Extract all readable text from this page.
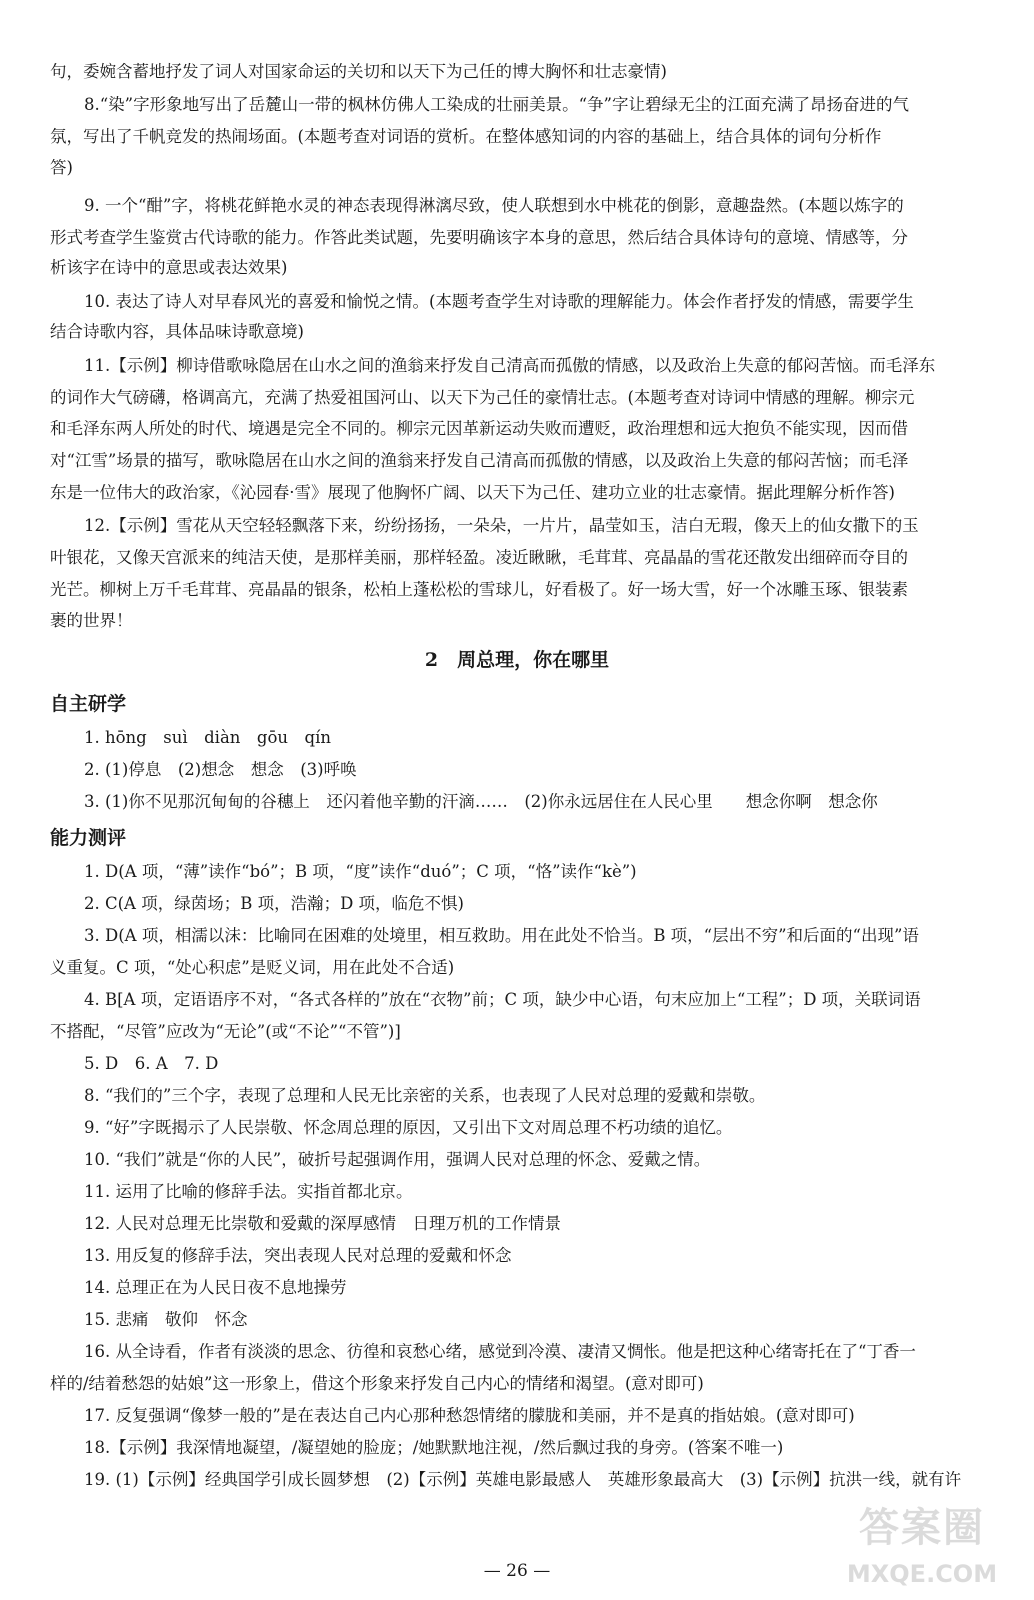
句，委婉含蓄地抒发了词人对国家命运的关切和以天下为己任的博大胸怀和壮志豪情)
8.“染”字形象地写出了岳麓山一带的枫林仿佛人工染成的壮丽美景。“争”字让碧绿无尘的江面充满了昂扬奋进的气
氛，写出了千帆竞发的热闹场面。(本题考查对词语的赏析。在整体感知词的内容的基础上，结合具体的词句分析作
答)
9. 一个“酣”字，将桃花鲜艳水灵的神态表现得淋漓尽致，使人联想到水中桃花的倒影，意趣盎然。(本题以炼字的
形式考查学生鉴赏古代诗歌的能力。作答此类试题，先要明确该字本身的意思，然后结合具体诗句的意境、情感等，分
析该字在诗中的意思或表达效果)
10. 表达了诗人对早春风光的喜爱和愉悦之情。(本题考查学生对诗歌的理解能力。体会作者抒发的情感，需要学生
结合诗歌内容，具体品味诗歌意境)
11.【示例】柳诗借歌咏隐居在山水之间的渔翁来抒发自己清高而孤傲的情感，以及政治上失意的郁闷苦恼。而毛泽东
的词作大气磅礴，格调高亢，充满了热爱祖国河山、以天下为己任的豪情壮志。(本题考查对诗词中情感的理解。柳宗元
和毛泽东两人所处的时代、境遇是完全不同的。柳宗元因革新运动失败而遭贬，政治理想和远大抱负不能实现，因而借
对“江雪”场景的描写，歌咏隐居在山水之间的渔翁来抒发自己清高而孤傲的情感，以及政治上失意的郁闷苦恼；而毛泽
东是一位伟大的政治家，《沁园春·雪》展现了他胸怀广阔、以天下为己任、建功立业的壮志豪情。据此理解分析作答)
12.【示例】雪花从天空轻轻飘落下来，纷纷扬扬，一朵朵，一片片，晶莹如玉，洁白无瑕，像天上的仙女撒下的玉
叶银花，又像天宫派来的纯洁天使，是那样美丽，那样轻盈。凌近瞅瞅，毛茸茸、亮晶晶的雪花还散发出细碎而夺目的
光芒。柳树上万千毛茸茸、亮晶晶的银条，松柏上蓬松松的雪球儿，好看极了。好一场大雪，好一个冰雕玉琢、银装素
裹的世界！
2　周总理，你在哪里
自主研学
1. hōng　suì　diàn　gōu　qín
2. (1)停息　(2)想念　想念　(3)呼唤
3. (1)你不见那沉甸甸的谷穗上　还闪着他辛勤的汗滴……　(2)你永远居住在人民心里　　想念你啊　想念你
能力测评
1. D(A 项，“薄”读作“bó”；B 项，“度”读作“duó”；C 项，“恪”读作“kè”)
2. C(A 项，绿茵场；B 项，浩瀚；D 项，临危不惧)
3. D(A 项，相濡以沫：比喻同在困难的处境里，相互救助。用在此处不恰当。B 项，“层出不穷”和后面的“出现”语
义重复。C 项，“处心积虑”是贬义词，用在此处不合适)
4. B[A 项，定语语序不对，“各式各样的”放在“衣物”前；C 项，缺少中心语，句末应加上“工程”；D 项，关联词语
不搭配，“尽管”应改为“无论”(或“不论”“不管”)]
5. D　6. A　7. D
8. “我们的”三个字，表现了总理和人民无比亲密的关系，也表现了人民对总理的爱戴和崇敬。
9. “好”字既揭示了人民崇敬、怀念周总理的原因，又引出下文对周总理不朽功绩的追忆。
10. “我们”就是“你的人民”，破折号起强调作用，强调人民对总理的怀念、爱戴之情。
11. 运用了比喻的修辞手法。实指首都北京。
12. 人民对总理无比崇敬和爱戴的深厚感情　日理万机的工作情景
13. 用反复的修辞手法，突出表现人民对总理的爱戴和怀念
14. 总理正在为人民日夜不息地操劳
15. 悲痛　敬仰　怀念
16. 从全诗看，作者有淡淡的思念、彷徨和哀愁心绪，感觉到冷漠、凄清又惆怅。他是把这种心绪寄托在了“丁香一
样的/结着愁怨的姑娘”这一形象上，借这个形象来抒发自己内心的情绪和渴望。(意对即可)
17. 反复强调“像梦一般的”是在表达自己内心那种愁怨情绪的朦胧和美丽，并不是真的指姑娘。(意对即可)
18.【示例】我深情地凝望，/凝望她的脸庞；/她默默地注视，/然后飘过我的身旁。(答案不唯一)
19. (1)【示例】经典国学引成长圆梦想　(2)【示例】英雄电影最感人　英雄形象最高大　(3)【示例】抗洪一线，就有许
— 26 —
答案圈
MXQE.COM
